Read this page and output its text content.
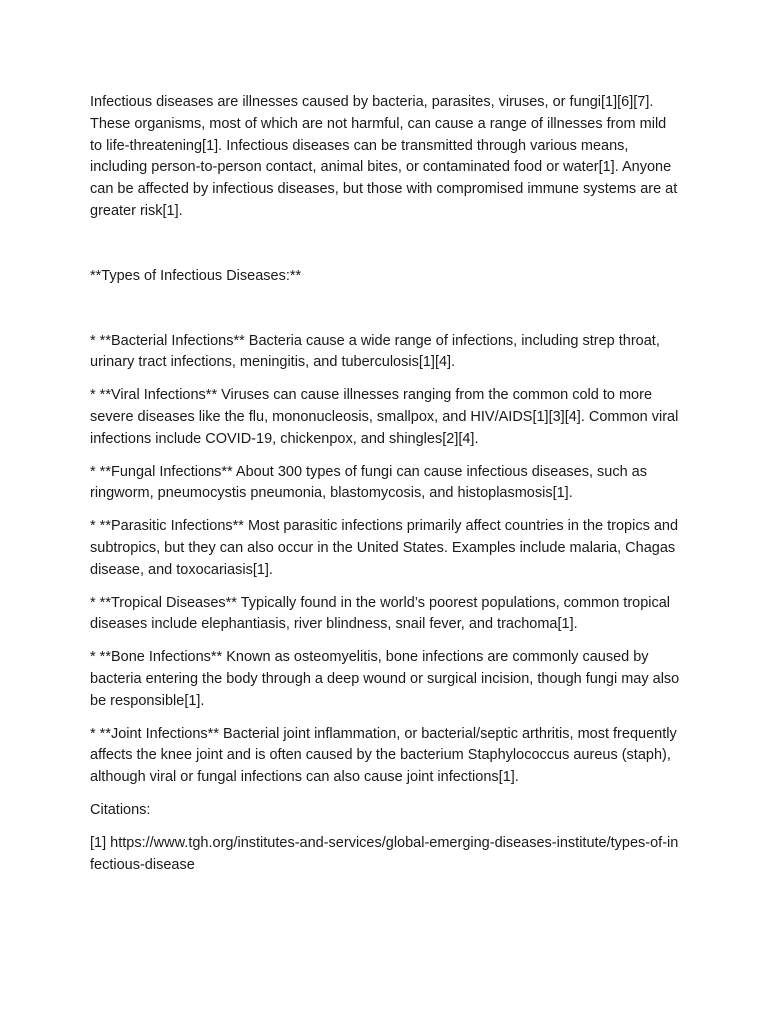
Infectious diseases are illnesses caused by bacteria, parasites, viruses, or fungi[1][6][7]. These organisms, most of which are not harmful, can cause a range of illnesses from mild to life-threatening[1]. Infectious diseases can be transmitted through various means, including person-to-person contact, animal bites, or contaminated food or water[1]. Anyone can be affected by infectious diseases, but those with compromised immune systems are at greater risk[1].

**Types of Infectious Diseases:**

* **Bacterial Infections** Bacteria cause a wide range of infections, including strep throat, urinary tract infections, meningitis, and tuberculosis[1][4].

* **Viral Infections** Viruses can cause illnesses ranging from the common cold to more severe diseases like the flu, mononucleosis, smallpox, and HIV/AIDS[1][3][4]. Common viral infections include COVID-19, chickenpox, and shingles[2][4].

* **Fungal Infections** About 300 types of fungi can cause infectious diseases, such as ringworm, pneumocystis pneumonia, blastomycosis, and histoplasmosis[1].

* **Parasitic Infections** Most parasitic infections primarily affect countries in the tropics and subtropics, but they can also occur in the United States. Examples include malaria, Chagas disease, and toxocariasis[1].

* **Tropical Diseases** Typically found in the world’s poorest populations, common tropical diseases include elephantiasis, river blindness, snail fever, and trachoma[1].

* **Bone Infections** Known as osteomyelitis, bone infections are commonly caused by bacteria entering the body through a deep wound or surgical incision, though fungi may also be responsible[1].

* **Joint Infections** Bacterial joint inflammation, or bacterial/septic arthritis, most frequently affects the knee joint and is often caused by the bacterium Staphylococcus aureus (staph), although viral or fungal infections can also cause joint infections[1].

Citations:

[1] https://www.tgh.org/institutes-and-services/global-emerging-diseases-institute/types-of-infectious-disease
